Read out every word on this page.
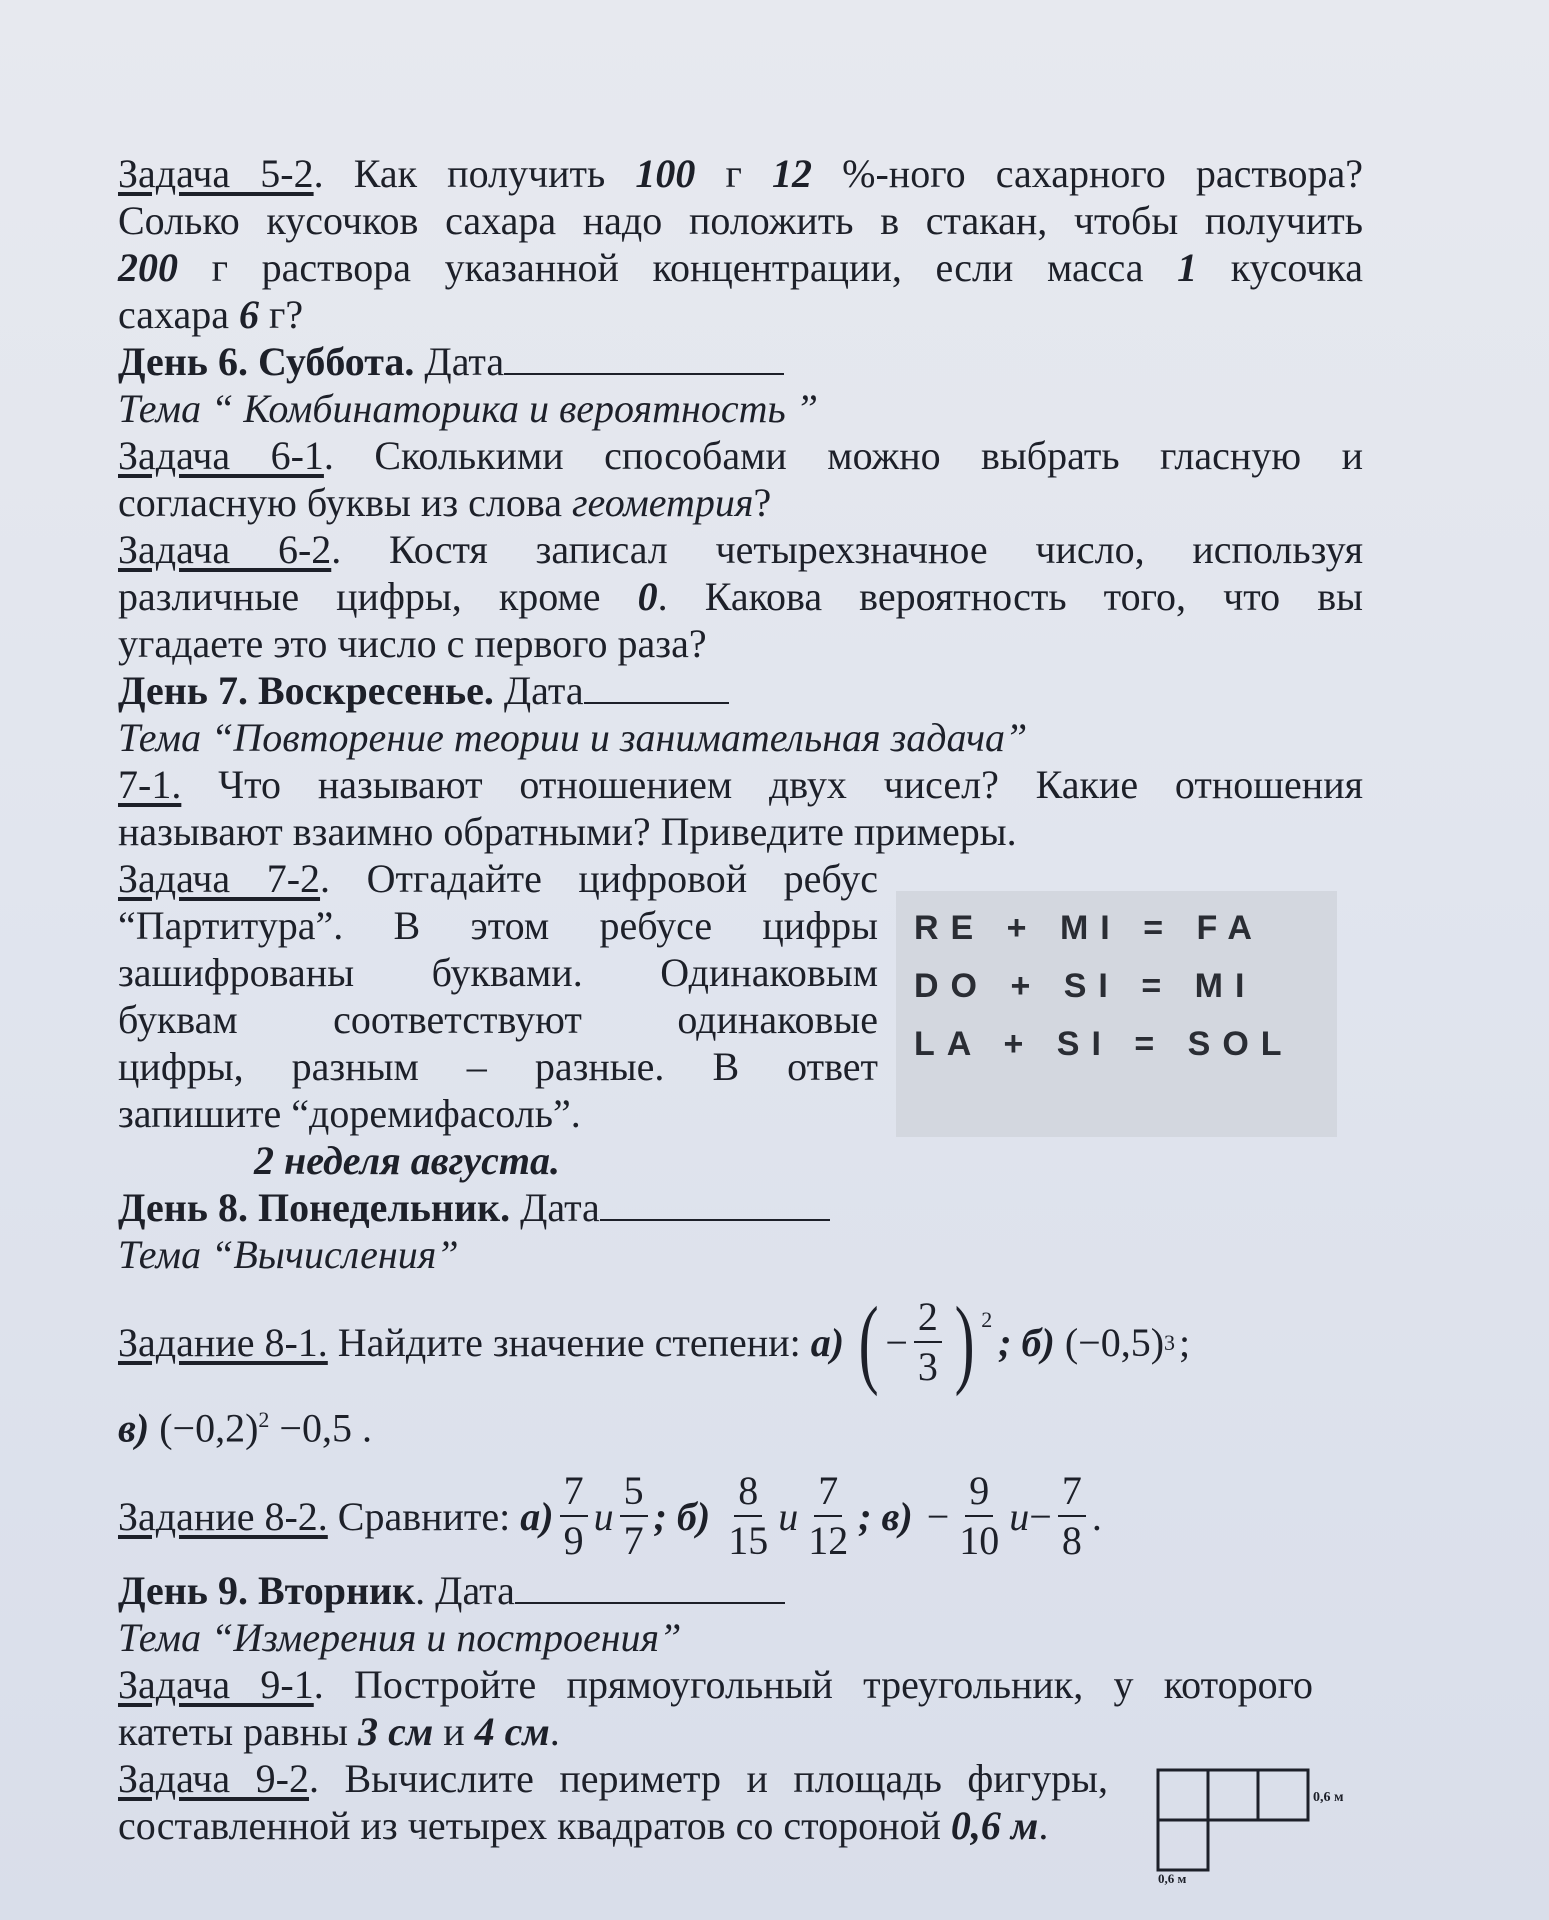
Задача 5-2. Как получить 100 г 12 %-ного сахарного раствора?

Солько кусочков сахара надо положить в стакан, чтобы получить

200 г раствора указанной концентрации, если масса 1 кусочка

сахара 6 г?

День 6. Суббота. Дата

Тема “ Комбинаторика и вероятность ”

Задача 6-1. Сколькими способами можно выбрать гласную и

согласную буквы из слова геометрия?

Задача 6-2. Костя записал четырехзначное число, используя

различные цифры, кроме 0. Какова вероятность того, что вы

угадаете это число с первого раза?

День 7. Воскресенье. Дата

Тема “Повторение теории и занимательная задача”

7-1. Что называют отношением двух чисел? Какие отношения

называют взаимно обратными? Приведите примеры.

Задача 7-2. Отгадайте цифровой ребус

“Партитура”. В этом ребусе цифры

зашифрованы буквами. Одинаковым

буквам соответствуют одинаковые

цифры, разным – разные. В ответ

запишите “доремифасоль”.

RE + MI = FA
DO + SI = MI
LA + SI = SOL

2 неделя августа.

День 8. Понедельник. Дата

Тема “Вычисления”

Задание 8-1. Найдите значение степени: а) ( − $\frac{2}{3}$ ) 2 ; б) (−0,5) 3 ;

в) $(-0,2)^2 -0,5$ .

Задание 8-2. Сравните: $а) \frac{7}{9}$ и $\frac{5}{7}$ ; $б) \frac{8}{15}$ и $\frac{7}{12}$ ; $в) - \frac{9}{10}$ $и - \frac{7}{8}$ .

День 9. Вторник. Дата

Тема “Измерения и построения”

Задача 9-1. Постройте прямоугольный треугольник, у которого

катеты равны 3 см и 4 см.

Задача 9-2. Вычислите периметр и площадь фигуры,

составленной из четырех квадратов со стороной 0,6 м.

0,6 м
0,6 м
